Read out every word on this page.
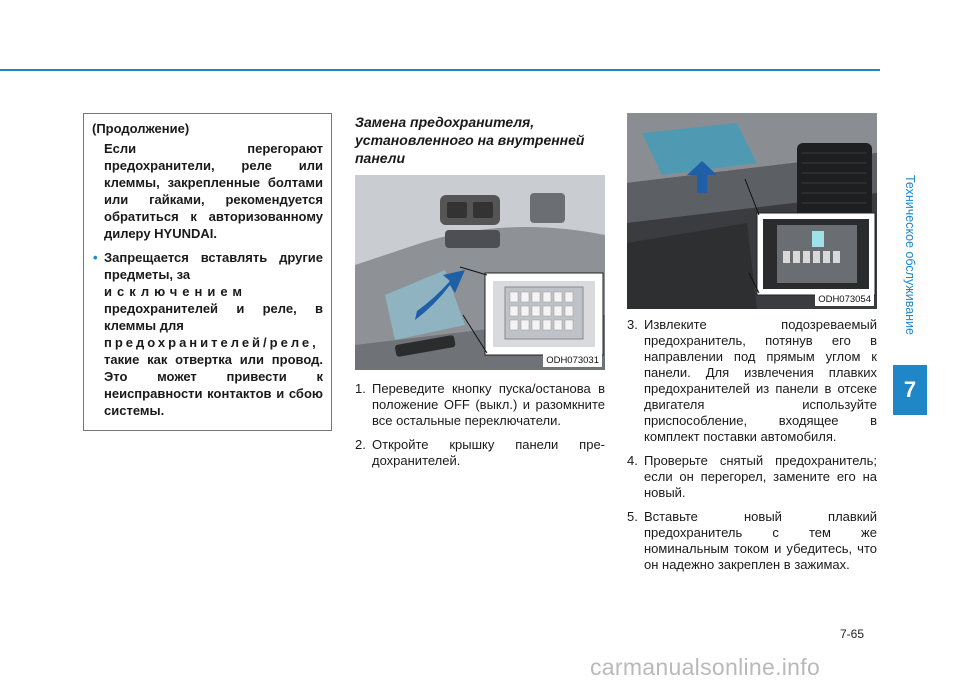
Техническое обслуживание
7
(Продолжение)

Если перегорают предохранители, реле или клеммы, закрепленные болтами или гайками, рекомендуется обратиться к авторизованному дилеру HYUNDAI.

• Запрещается вставлять другие предметы, за

исключением

предохранителей и реле, в клеммы для

предохранителей/реле,

такие как отвертка или провод. Это может привести к неисправности контактов и сбою системы.

Замена предохранителя, установленного на внутренней панели
ODH073031
1. Переведите кнопку пуска/останова в положение OFF (выкл.) и разомкните все остальные переключатели.
2. Откройте крышку панели пре-дохранителей.
ODH073054
3. Извлеките подозреваемый предохранитель, потянув его в направлении под прямым углом к панели. Для извлечения плавких предохранителей из панели в отсеке двигателя используйте приспособление, входящее в комплект поставки автомобиля.
4. Проверьте снятый предохранитель; если он перегорел, замените его на новый.
5. Вставьте новый плавкий предохранитель с тем же номинальным током и убедитесь, что он надежно закреплен в зажимах.
7-65
carmanualsonline.info
